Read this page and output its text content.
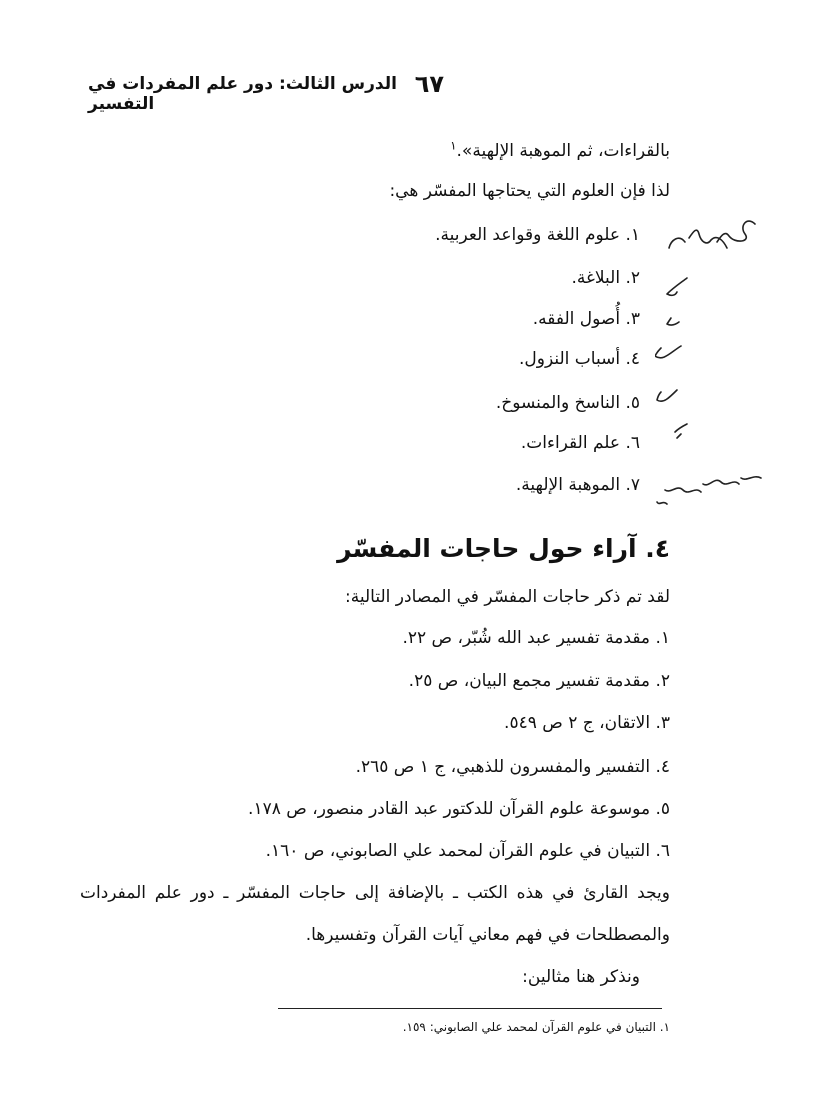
٦٧
الدرس الثالث: دور علم المفردات في التفسير
بالقراءات، ثم الموهبة الإلهية».$^١$
لذا فإن العلوم التي يحتاجها المفسّر هي:
١. علوم اللغة وقواعد العربية.
٢. البلاغة.
٣. أُصول الفقه.
٤. أسباب النزول.
٥. الناسخ والمنسوخ.
٦. علم القراءات.
٧. الموهبة الإلهية.
٤. آراء حول حاجات المفسّر
لقد تم ذكر حاجات المفسّر في المصادر التالية:
١. مقدمة تفسير عبد الله شُبّر، ص ٢٢.
٢. مقدمة تفسير مجمع البيان، ص ٢٥.
٣. الاتقان، ج ٢ ص ٥٤٩.
٤. التفسير والمفسرون للذهبي، ج ١ ص ٢٦٥.
٥. موسوعة علوم القرآن للدكتور عبد القادر منصور، ص ١٧٨.
٦. التبيان في علوم القرآن لمحمد علي الصابوني، ص ١٦٠.
ويجد القارئ في هذه الكتب ـ بالإضافة إلى حاجات المفسّر ـ دور علم المفردات
والمصطلحات في فهم معاني آيات القرآن وتفسيرها.
ونذكر هنا مثالين:
١. التبيان في علوم القرآن لمحمد علي الصابوني: ١٥٩.
